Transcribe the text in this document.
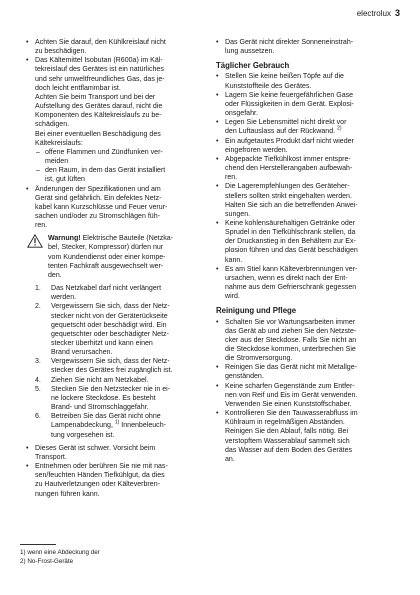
electrolux 3
• Achten Sie darauf, den Kühlkreislauf nicht
zu beschädigen.
• Das Kältemittel Isobutan (R600a) im Käl-
tekreislauf des Gerätes ist ein natürliches
und sehr umweltfreundliches Gas, das je-
doch leicht entflammbar ist.
Achten Sie beim Transport und bei der
Aufstellung des Gerätes darauf, nicht die
Komponenten des Kältekreislaufs zu be-
schädigen.
Bei einer eventuellen Beschädigung des
Kältekreislaufs:
– offene Flammen und Zündfunken ver-
meiden
– den Raum, in dem das Gerät installiert
ist, gut lüften
• Änderungen der Spezifikationen und am
Gerät sind gefährlich. Ein defektes Netz-
kabel kann Kurzschlüsse und Feuer verur-
sachen und/oder zu Stromschlägen füh-
ren.
Warnung! Elektrische Bauteile (Netzka-
bel, Stecker, Kompressor) dürfen nur
vom Kundendienst oder einer kompe-
tenten Fachkraft ausgewechselt wer-
den.
1. Das Netzkabel darf nicht verlängert
werden.
2. Vergewissern Sie sich, dass der Netz-
stecker nicht von der Geräterückseite
gequetscht oder beschädigt wird. Ein
gequetschter oder beschädigter Netz-
stecker überhitzt und kann einen
Brand verursachen.
3. Vergewissern Sie sich, dass der Netz-
stecker des Gerätes frei zugänglich ist.
4. Ziehen Sie nicht am Netzkabel.
5. Stecken Sie den Netzstecker nie in ei-
ne lockere Steckdose. Es besteht
Brand- und Stromschlaggefahr.
6. Betreiben Sie das Gerät nicht ohne
Lampenabdeckung, $^{1)}$ Innenbeleuch-
tung vorgesehen ist.
• Dieses Gerät ist schwer. Vorsicht beim
Transport.
• Entnehmen oder berühren Sie nie mit nas-
sen/feuchten Händen Tiefkühlgut, da dies
zu Hautverletzungen oder Kälteverbren-
nungen führen kann.
• Das Gerät nicht direkter Sonneneinstrah-
lung aussetzen.
Täglicher Gebrauch
• Stellen Sie keine heißen Töpfe auf die
Kunststoffteile des Gerätes.
• Lagern Sie keine feuergefährlichen Gase
oder Flüssigkeiten in dem Gerät. Explosi-
onsgefahr.
• Legen Sie Lebensmittel nicht direkt vor
den Luftauslass auf der Rückwand. $^{2)}$
• Ein aufgetautes Produkt darf nicht wieder
eingefroren werden.
• Abgepackte Tiefkühlkost immer entspre-
chend den Herstellerangaben aufbewah-
ren.
• Die Lagerempfehlungen des Geräteher-
stellers sollten strikt eingehalten werden.
Halten Sie sich an die betreffenden Anwei-
sungen.
• Keine kohlensäurehaltigen Getränke oder
Sprudel in den Tiefkühlschrank stellen, da
der Druckanstieg in den Behältern zur Ex-
plosion führen und das Gerät beschädigen
kann.
• Es am Stiel kann Kälteverbrennungen ver-
ursachen, wenn es direkt nach der Ent-
nahme aus dem Gefrierschrank gegessen
wird.
Reinigung und Pflege
• Schalten Sie vor Wartungsarbeiten immer
das Gerät ab und ziehen Sie den Netzste-
cker aus der Steckdose. Falls Sie nicht an
die Steckdose kommen, unterbrechen Sie
die Stromversorgung.
• Reinigen Sie das Gerät nicht mit Metallge-
genständen.
• Keine scharfen Gegenstände zum Entfer-
nen von Reif und Eis im Gerät verwenden.
Verwenden Sie einen Kunststoffschaber.
• Kontrollieren Sie den Tauwasserabfluss im
Kühlraum in regelmäßigen Abständen.
Reinigen Sie den Ablauf, falls nötig. Bei
verstopftem Wasserablauf sammelt sich
das Wasser auf dem Boden des Gerätes
an.
1) wenn eine Abdeckung der
2) No-Frost-Geräte
